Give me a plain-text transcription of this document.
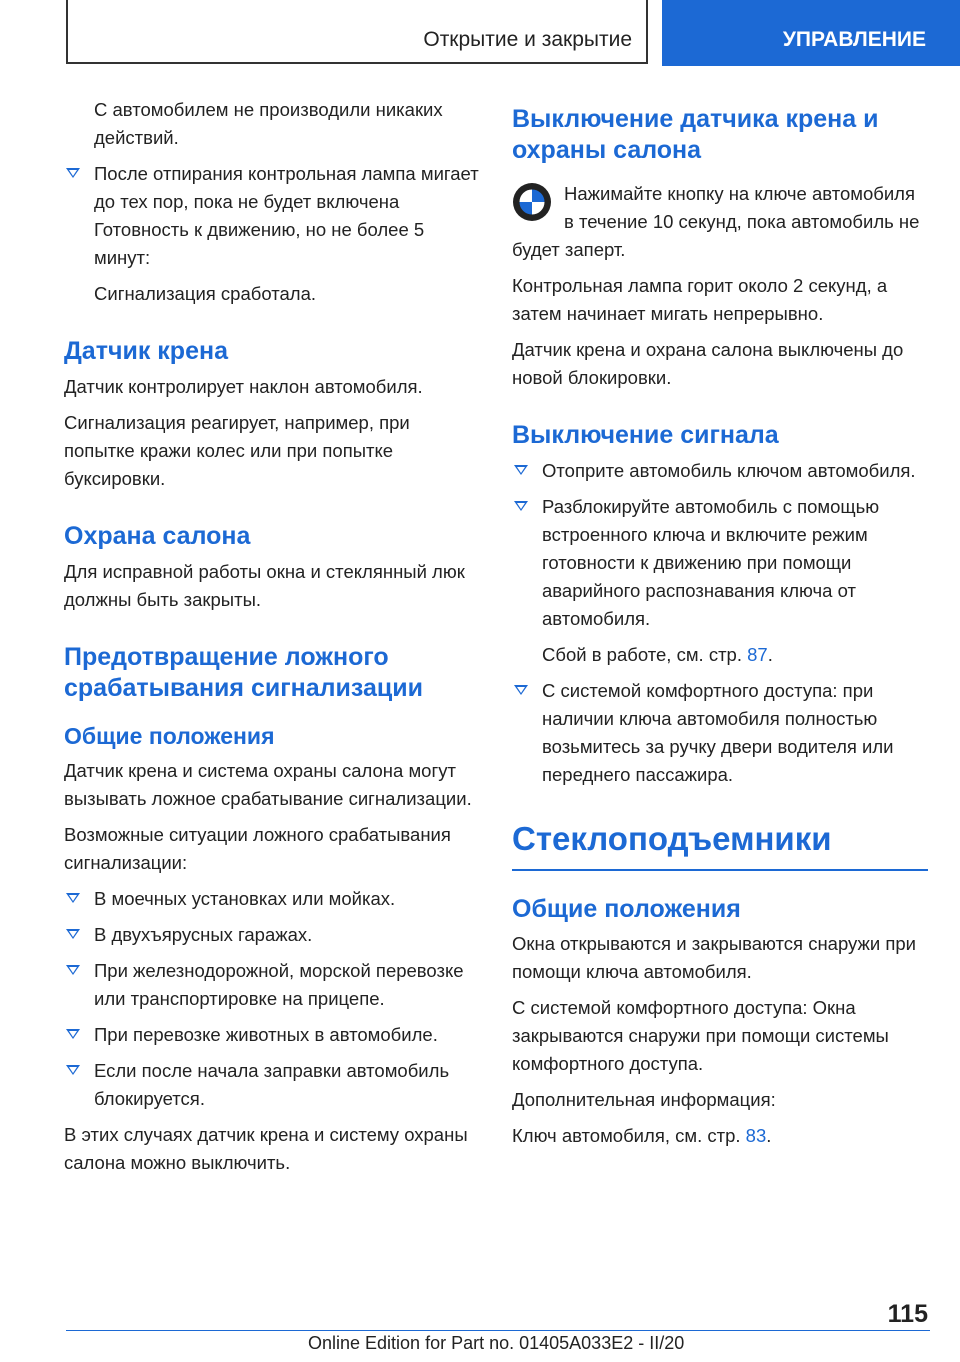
Открытие и закрытие	УПРАВЛЕНИЕ

С автомобилем не производили никаких действий.

После отпирания контрольная лампа мигает до тех пор, пока не будет включена Готовность к движению, но не более 5 минут:

Сигнализация сработала.

Датчик крена

Датчик контролирует наклон автомобиля.

Сигнализация реагирует, например, при попытке кражи колес или при попытке буксировки.

Охрана салона

Для исправной работы окна и стеклянный люк должны быть закрыты.

Предотвращение ложного срабатывания сигнализации
Общие положения

Датчик крена и система охраны салона могут вызывать ложное срабатывание сигнализации.

Возможные ситуации ложного срабатывания сигнализации:

В моечных установках или мойках.
В двухъярусных гаражах.
При железнодорожной, морской перевозке или транспортировке на прицепе.
При перевозке животных в автомобиле.
Если после начала заправки автомобиль блокируется.

В этих случаях датчик крена и систему охраны салона можно выключить.

Выключение датчика крена и охраны салона

Нажимайте кнопку на ключе автомобиля в течение 10 секунд, пока автомобиль не будет заперт.

Контрольная лампа горит около 2 секунд, а затем начинает мигать непрерывно.

Датчик крена и охрана салона выключены до новой блокировки.

Выключение сигнала
Отоприте автомобиль ключом автомобиля.
Разблокируйте автомобиль с помощью встроенного ключа и включите режим готовности к движению при помощи аварийного распознавания ключа от автомобиля.

Сбой в работе, см. стр. 87.

С системой комфортного доступа: при наличии ключа автомобиля полностью возьмитесь за ручку двери водителя или переднего пассажира.
Стеклоподъемники
Общие положения

Окна открываются и закрываются снаружи при помощи ключа автомобиля.

С системой комфортного доступа: Окна закрываются снаружи при помощи системы комфортного доступа.

Дополнительная информация:

Ключ автомобиля, см. стр. 83.

115
Online Edition for Part no. 01405A033E2 - II/20
